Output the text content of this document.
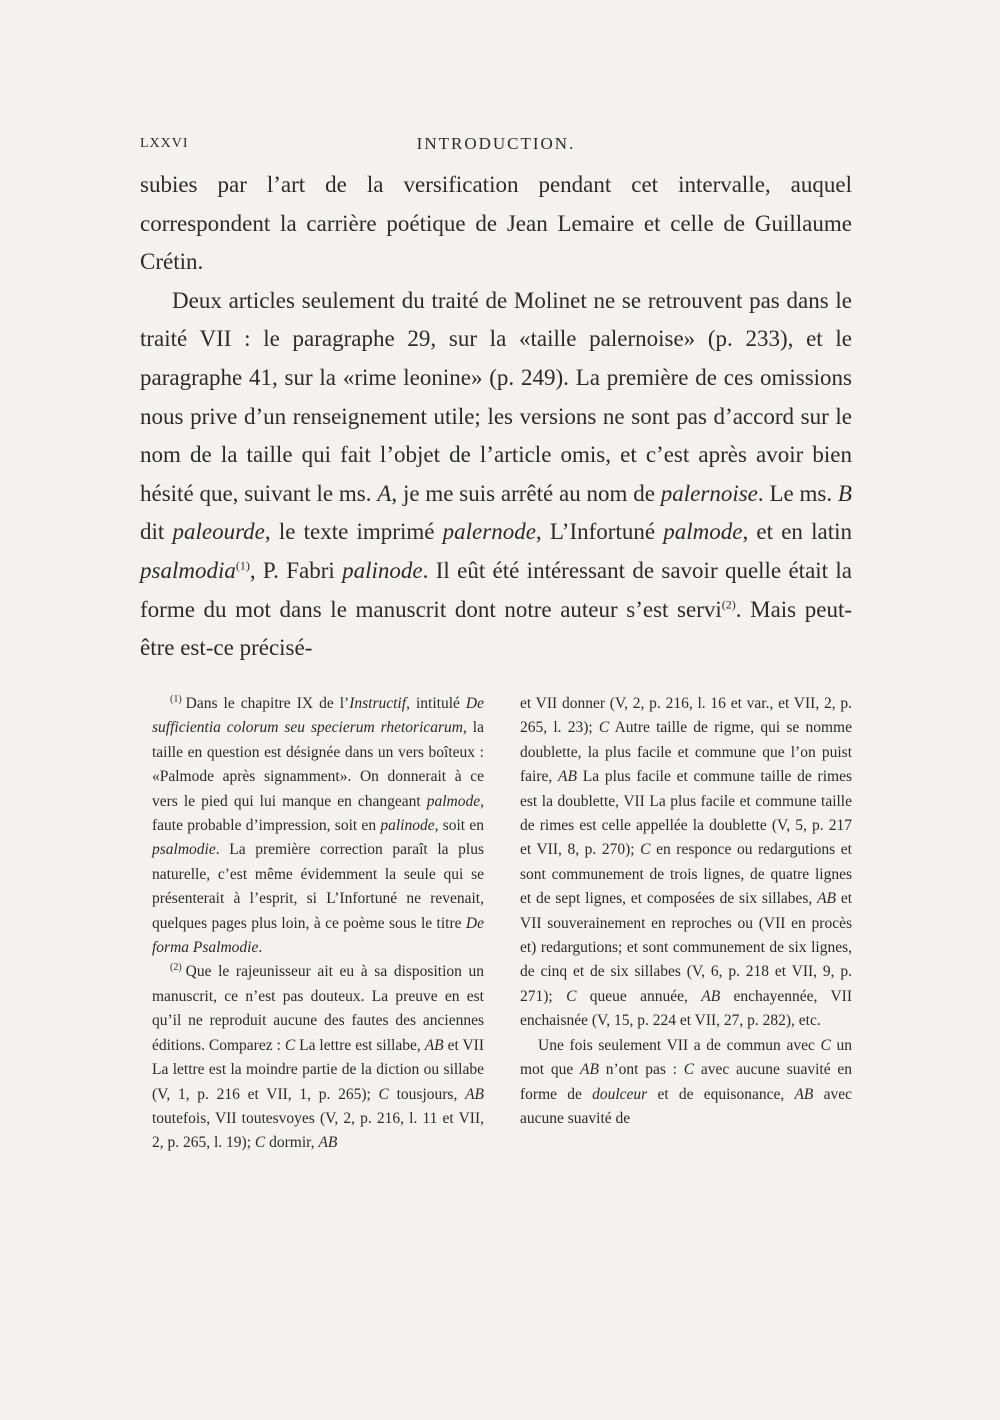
LXXVI	INTRODUCTION.

subies par l’art de la versification pendant cet intervalle, auquel correspondent la carrière poétique de Jean Lemaire et celle de Guillaume Crétin.

Deux articles seulement du traité de Molinet ne se retrouvent pas dans le traité VII : le paragraphe 29, sur la «taille palernoise» (p. 233), et le paragraphe 41, sur la «rime leonine» (p. 249). La première de ces omissions nous prive d’un renseignement utile; les versions ne sont pas d’accord sur le nom de la taille qui fait l’objet de l’article omis, et c’est après avoir bien hésité que, suivant le ms. A, je me suis arrêté au nom de palernoise. Le ms. B dit paleourde, le texte imprimé palernode, L’Infortuné palmode, et en latin psalmodia$^{(1)}$, P. Fabri palinode. Il eût été intéressant de savoir quelle était la forme du mot dans le manuscrit dont notre auteur s’est servi$^{(2)}$. Mais peut-être est-ce précisé-

$^{(1)}$ Dans le chapitre IX de l’Instructif, intitulé De sufficientia colorum seu specierum rhetoricarum, la taille en question est désignée dans un vers boîteux : «Palmode après signamment». On donnerait à ce vers le pied qui lui manque en changeant palmode, faute probable d’impression, soit en palinode, soit en psalmodie. La première correction paraît la plus naturelle, c’est même évidemment la seule qui se présenterait à l’esprit, si L’Infortuné ne revenait, quelques pages plus loin, à ce poème sous le titre De forma Psalmodie.

$^{(2)}$ Que le rajeunisseur ait eu à sa disposition un manuscrit, ce n’est pas douteux. La preuve en est qu’il ne reproduit aucune des fautes des anciennes éditions. Comparez : C La lettre est sillabe, AB et VII La lettre est la moindre partie de la diction ou sillabe (V, 1, p. 216 et VII, 1, p. 265); C tousjours, AB toutefois, VII toutesvoyes (V, 2, p. 216, l. 11 et VII, 2, p. 265, l. 19); C dormir, AB

et VII donner (V, 2, p. 216, l. 16 et var., et VII, 2, p. 265, l. 23); C Autre taille de rigme, qui se nomme doublette, la plus facile et commune que l’on puist faire, AB La plus facile et commune taille de rimes est la doublette, VII La plus facile et commune taille de rimes est celle appellée la doublette (V, 5, p. 217 et VII, 8, p. 270); C en responce ou redargutions et sont communement de trois lignes, de quatre lignes et de sept lignes, et composées de six sillabes, AB et VII souverainement en reproches ou (VII en procès et) redargutions; et sont communement de six lignes, de cinq et de six sillabes (V, 6, p. 218 et VII, 9, p. 271); C queue annuée, AB enchayennée, VII enchaisnée (V, 15, p. 224 et VII, 27, p. 282), etc.

Une fois seulement VII a de commun avec C un mot que AB n’ont pas : C avec aucune suavité en forme de doulceur et de equisonance, AB avec aucune suavité de
